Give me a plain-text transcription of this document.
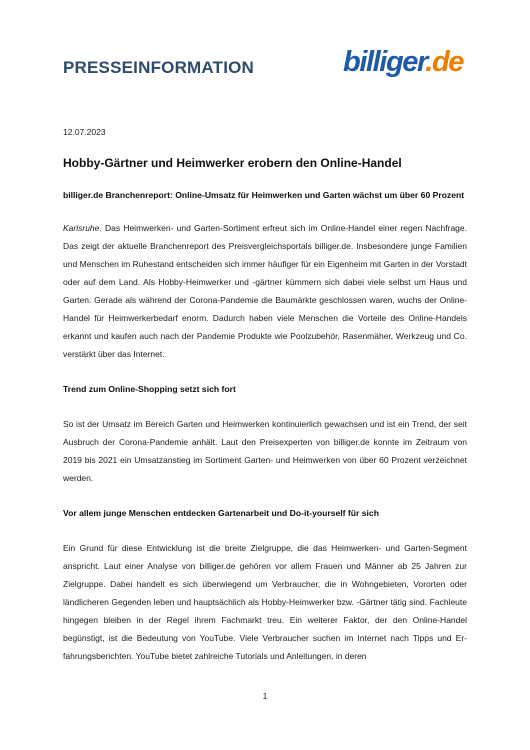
PRESSEINFORMATION	billiger.de
12.07.2023
Hobby-Gärtner und Heimwerker erobern den Online-Handel
billiger.de Branchenreport: Online-Umsatz für Heimwerken und Garten wächst um über 60 Prozent

Karlsruhe. Das Heimwerken- und Garten-Sortiment erfreut sich im Online-Handel einer regen Nachfrage. Das zeigt der aktuelle Branchenreport des Preisvergleichsportals billiger.de. Insbesondere junge Familien und Menschen im Ruhestand entscheiden sich immer häufiger für ein Eigenheim mit Garten in der Vorstadt oder auf dem Land. Als Hobby-Heimwerker und -gärtner kümmern sich dabei viele selbst um Haus und Garten. Gerade als während der Corona-Pandemie die Baumärkte geschlossen waren, wuchs der Online-Handel für Heimwerkerbedarf enorm. Dadurch haben viele Menschen die Vorteile des Online-Handels erkannt und kaufen auch nach der Pandemie Produkte wie Poolzubehör, Rasenmäher, Werkzeug und Co. verstärkt über das Internet.

Trend zum Online-Shopping setzt sich fort

So ist der Umsatz im Bereich Garten und Heimwerken kontinuierlich gewachsen und ist ein Trend, der seit Ausbruch der Corona-Pandemie anhält. Laut den Preisexperten von billiger.de konnte im Zeitraum von 2019 bis 2021 ein Umsatzanstieg im Sortiment Garten- und Heimwerken von über 60 Prozent verzeichnet werden.

Vor allem junge Menschen entdecken Gartenarbeit und Do-it-yourself für sich

Ein Grund für diese Entwicklung ist die breite Zielgruppe, die das Heimwerken- und Garten-Segment anspricht. Laut einer Analyse von billiger.de gehören vor allem Frauen und Männer ab 25 Jahren zur Zielgruppe. Dabei handelt es sich überwiegend um Verbraucher, die in Wohngebieten, Vororten oder ländlicheren Gegenden leben und hauptsächlich als Hobby-Heimwerker bzw. -Gärtner tätig sind. Fachleute hingegen bleiben in der Regel ihrem Fachmarkt treu. Ein weiterer Faktor, der den Online-Handel begünstigt, ist die Bedeutung von YouTube. Viele Verbraucher suchen im Internet nach Tipps und Erfahrungsberichten. YouTube bietet zahlreiche Tutorials und Anleitungen, in deren

1
